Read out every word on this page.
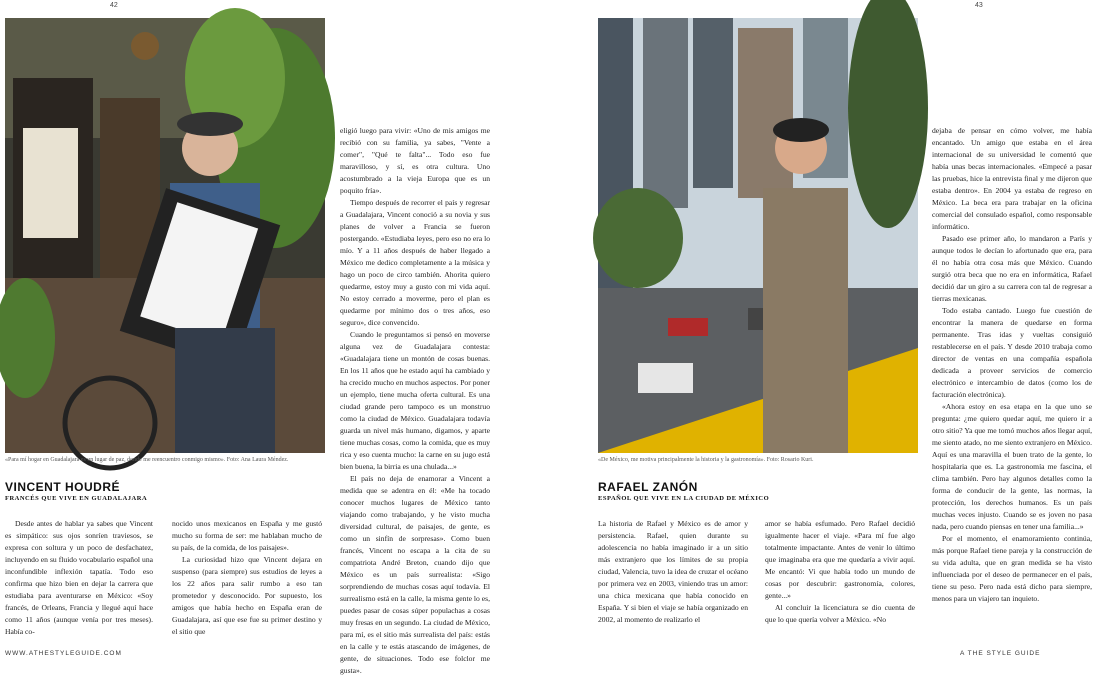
42	43
«Para mí hogar en Guadalajara es un lugar de paz, donde me reencuentro conmigo mismo». Foto: Ana Laura Méndez.
VINCENT HOUDRÉ
FRANCÉS QUE VIVE EN GUADALAJARA

Desde antes de hablar ya sabes que Vincent es simpático: sus ojos sonríen traviesos, se expresa con soltura y un poco de desfachatez, incluyendo en su fluido vocabulario español una inconfundible inflexión tapatía. Todo eso confirma que hizo bien en dejar la carrera que estudiaba para aventurarse en México: «Soy francés, de Orleans, Francia y llegué aquí hace como 11 años (aunque venía por tres meses). Había co-

nocido unos mexicanos en España y me gustó mucho su forma de ser: me hablaban mucho de su país, de la comida, de los paisajes».

La curiosidad hizo que Vincent dejara en suspenso (para siempre) sus estudios de leyes a los 22 años para salir rumbo a eso tan prometedor y desconocido. Por supuesto, los amigos que había hecho en España eran de Guadalajara, así que ese fue su primer destino y el sitio que

eligió luego para vivir: «Uno de mis amigos me recibió con su familia, ya sabes, "Vente a comer", "Qué te falta"... Todo eso fue maravilloso, y sí, es otra cultura. Uno acostumbrado a la vieja Europa que es un poquito fría».

Tiempo después de recorrer el país y regresar a Guadalajara, Vincent conoció a su novia y sus planes de volver a Francia se fueron postergando. «Estudiaba leyes, pero eso no era lo mío. Y a 11 años después de haber llegado a México me dedico completamente a la música y hago un poco de circo también. Ahorita quiero quedarme, estoy muy a gusto con mi vida aquí. No estoy cerrado a moverme, pero el plan es quedarme por mínimo dos o tres años, eso seguro», dice convencido.

Cuando le preguntamos si pensó en moverse alguna vez de Guadalajara contesta: «Guadalajara tiene un montón de cosas buenas. En los 11 años que he estado aquí ha cambiado y ha crecido mucho en muchos aspectos. Por poner un ejemplo, tiene mucha oferta cultural. Es una ciudad grande pero tampoco es un monstruo como la ciudad de México. Guadalajara todavía guarda un nivel más humano, digamos, y aparte tiene muchas cosas, como la comida, que es muy rica y eso cuenta mucho: la carne en su jugo está bien buena, la birria es una chulada...»

El país no deja de enamorar a Vincent a medida que se adentra en él: «Me ha tocado conocer muchos lugares de México tanto viajando como trabajando, y he visto mucha diversidad cultural, de paisajes, de gente, es como un sinfín de sorpresas». Como buen francés, Vincent no escapa a la cita de su compatriota André Breton, cuando dijo que México es un país surrealista: «Sigo sorprendiendo de muchas cosas aquí todavía. El surrealismo está en la calle, la misma gente lo es, puedes pasar de cosas súper populachas a cosas muy fresas en un segundo. La ciudad de México, para mí, es el sitio más surrealista del país: estás en la calle y te estás atascando de imágenes, de gente, de situaciones. Todo ese folclor me gusta».

«De México, me motiva principalmente la historia y la gastronomía». Foto: Rosario Kuri.
RAFAEL ZANÓN
ESPAÑOL QUE VIVE EN LA CIUDAD DE MÉXICO

La historia de Rafael y México es de amor y persistencia. Rafael, quien durante su adolescencia no había imaginado ir a un sitio más extranjero que los límites de su propia ciudad, Valencia, tuvo la idea de cruzar el océano por primera vez en 2003, viniendo tras un amor: una chica mexicana que había conocido en España. Y si bien el viaje se había organizado en 2002, al momento de realizarlo el

amor se había esfumado. Pero Rafael decidió igualmente hacer el viaje. «Para mí fue algo totalmente impactante. Antes de venir lo último que imaginaba era que me quedaría a vivir aquí. Me encantó: Vi que había todo un mundo de cosas por descubrir: gastronomía, colores, gente...»

Al concluir la licenciatura se dio cuenta de que lo que quería volver a México. «No

dejaba de pensar en cómo volver, me había encantado. Un amigo que estaba en el área internacional de su universidad le comentó que había unas becas internacionales. «Empecé a pasar las pruebas, hice la entrevista final y me dijeron que estaba dentro». En 2004 ya estaba de regreso en México. La beca era para trabajar en la oficina comercial del consulado español, como responsable informático.

Pasado ese primer año, lo mandaron a París y aunque todos le decían lo afortunado que era, para él no había otra cosa más que México. Cuando surgió otra beca que no era en informática, Rafael decidió dar un giro a su carrera con tal de regresar a tierras mexicanas.

Todo estaba cantado. Luego fue cuestión de encontrar la manera de quedarse en forma permanente. Tras idas y vueltas consiguió restablecerse en el país. Y desde 2010 trabaja como director de ventas en una compañía española dedicada a proveer servicios de comercio electrónico e intercambio de datos (como los de facturación electrónica).

«Ahora estoy en esa etapa en la que uno se pregunta: ¿me quiero quedar aquí, me quiero ir a otro sitio? Ya que me tomó muchos años llegar aquí, me siento atado, no me siento extranjero en México. Aquí es una maravilla el buen trato de la gente, lo hospitalaria que es. La gastronomía me fascina, el clima también. Pero hay algunos detalles como la forma de conducir de la gente, las normas, la protección, los derechos humanos. Es un país muchas veces injusto. Cuando se es joven no pasa nada, pero cuando piensas en tener una familia...»

Por el momento, el enamoramiento continúa, más porque Rafael tiene pareja y la construcción de su vida adulta, que en gran medida se ha visto influenciada por el deseo de permanecer en el país, tiene su peso. Pero nada está dicho para siempre, menos para un viajero tan inquieto.

WWW.ATHESTYLEGUIDE.COM	A THE STYLE GUIDE
